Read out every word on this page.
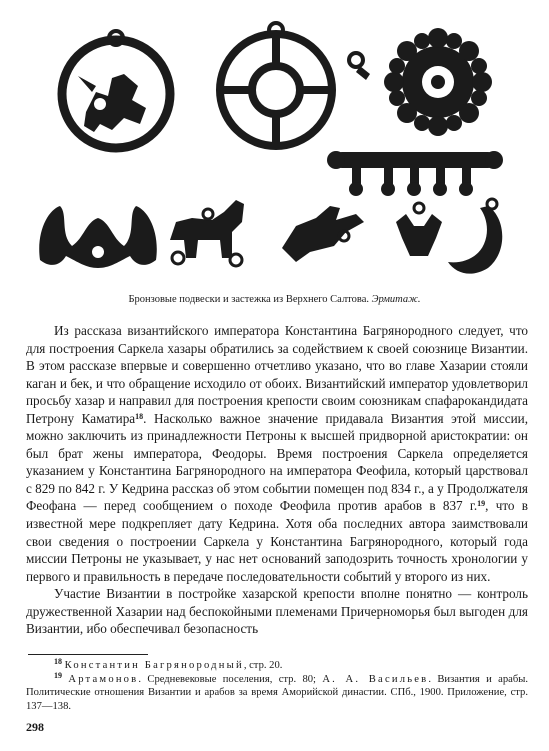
Бронзовые подвески и застежка из Верхнего Салтова. Эрмитаж.

Из рассказа византийского императора Константина Багрянородного следует, что для построения Саркела хазары обратились за содействием к своей союзнице Византии. В этом рассказе впервые и совершенно отчетливо указано, что во главе Хазарии стояли каган и бек, и что обращение исходило от обоих. Византийский император удовлетворил просьбу хазар и направил для построения крепости своим союзникам спафарокандидата Петрону Каматира$^{18}$. Насколько важное значение придавала Византия этой миссии, можно заключить из принадлежности Петроны к высшей придворной аристократии: он был брат жены императора, Феодоры. Время построения Саркела определяется указанием у Константина Багрянородного на императора Феофила, который царствовал с 829 по 842 г. У Кедрина рассказ об этом событии помещен под 834 г., а у Продолжателя Феофана — перед сообщением о походе Феофила против арабов в 837 г.$^{19}$, что в известной мере подкрепляет дату Кедрина. Хотя оба последних автора заимствовали свои сведения о построении Саркела у Константина Багрянородного, который года миссии Петроны не указывает, у нас нет оснований заподозрить точность хронологии у первого и правильность в передаче последовательности событий у второго из них.

Участие Византии в постройке хазарской крепости вполне понятно — контроль дружественной Хазарии над беспокойными племенами Причерноморья был выгоден для Византии, ибо обеспечивал безопасность

$^{18}$ Константин Багрянородный, стр. 20.

$^{19}$ Артамонов. Средневековые поселения, стр. 80; А. А. Васильев. Византия и арабы. Политические отношения Византии и арабов за время Аморийской династии. СПб., 1900. Приложение, стр. 137—138.

298
